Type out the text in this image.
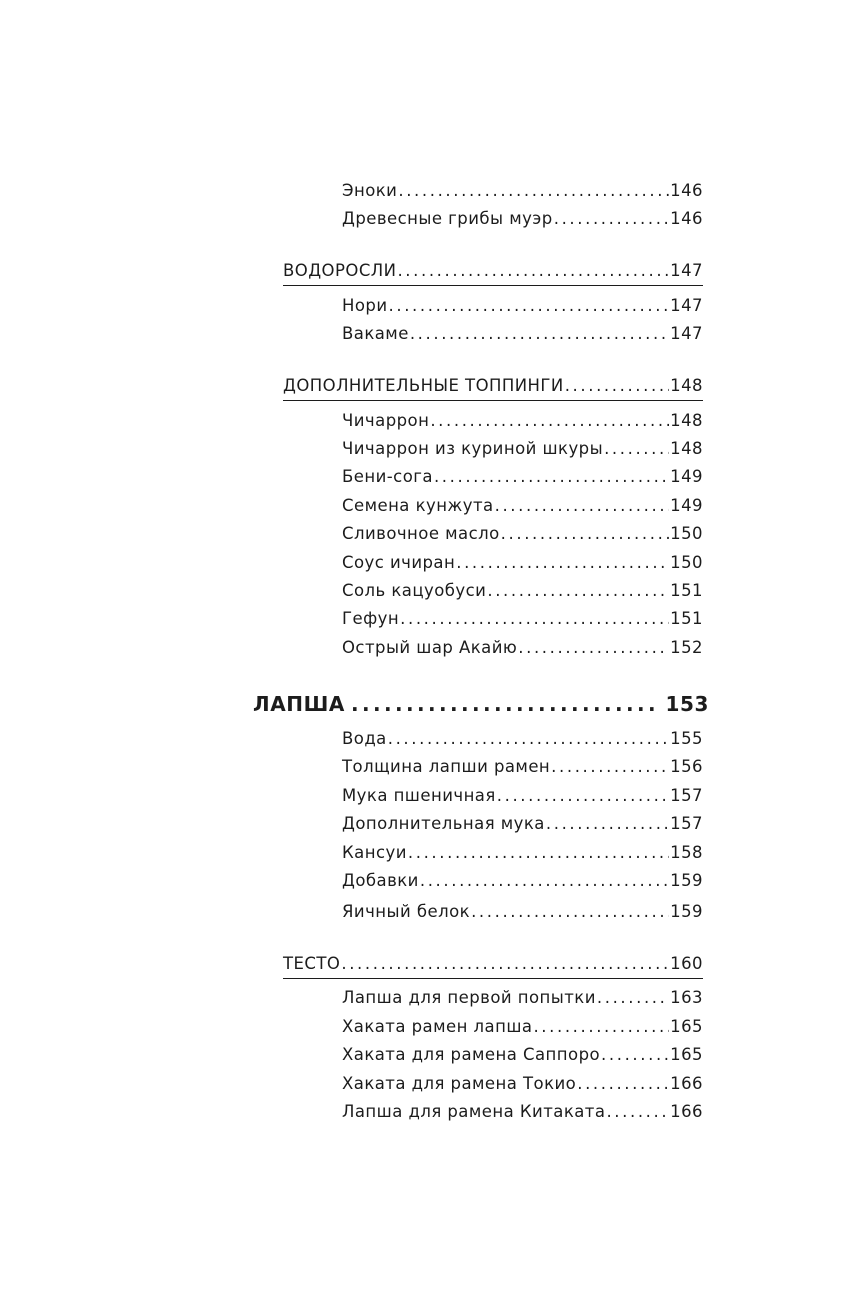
Эноки .....	146
Древесные грибы муэр .....	146
ВОДОРОСЛИ .....	147
Нори .....	147
Вакаме .....	147
ДОПОЛНИТЕЛЬНЫЕ ТОППИНГИ .....	148
Чичаррон .....	148
Чичаррон из куриной шкуры .....	148
Бени-сога .....	149
Семена кунжута .....	149
Сливочное масло .....	150
Соус ичиран .....	150
Соль кацуобуси .....	151
Гефун .....	151
Острый шар Акайю .....	152
ЛАПША .....	153
Вода .....	155
Толщина лапши рамен .....	156
Мука пшеничная .....	157
Дополнительная мука .....	157
Кансуи .....	158
Добавки .....	159
Яичный белок .....	159
ТЕСТО .....	160
Лапша для первой попытки .....	163
Хаката рамен лапша .....	165
Хаката для рамена Саппоро .....	165
Хаката для рамена Токио .....	166
Лапша для рамена Китаката .....	166
